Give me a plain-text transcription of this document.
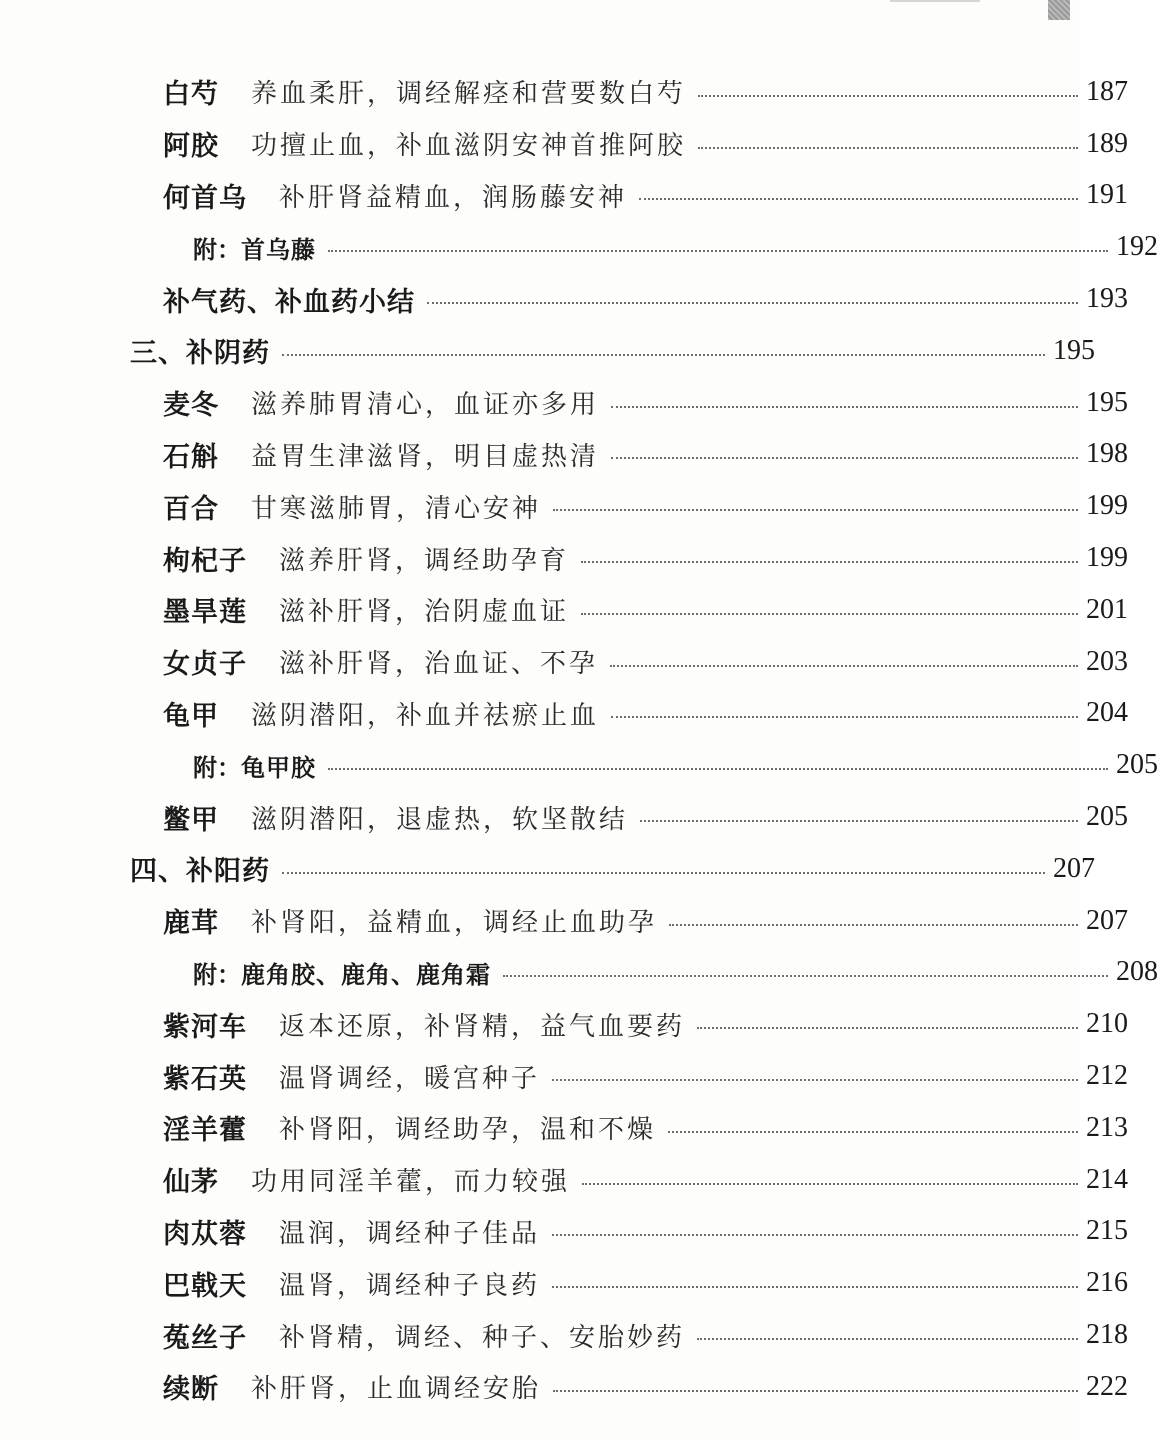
白芍 养血柔肝，调经解痉和营要数白芍	187
阿胶 功擅止血，补血滋阴安神首推阿胶	189
何首乌 补肝肾益精血，润肠藤安神	191
附： 首乌藤	192
补气药、补血药小结	193
三、补阴药	195
麦冬 滋养肺胃清心，血证亦多用	195
石斛 益胃生津滋肾，明目虚热清	198
百合 甘寒滋肺胃，清心安神	199
枸杞子 滋养肝肾，调经助孕育	199
墨旱莲 滋补肝肾，治阴虚血证	201
女贞子 滋补肝肾，治血证、不孕	203
龟甲 滋阴潜阳，补血并祛瘀止血	204
附： 龟甲胶	205
鳖甲 滋阴潜阳，退虚热，软坚散结	205
四、补阳药	207
鹿茸 补肾阳，益精血，调经止血助孕	207
附： 鹿角胶、鹿角、鹿角霜	208
紫河车 返本还原，补肾精，益气血要药	210
紫石英 温肾调经，暖宫种子	212
淫羊藿 补肾阳，调经助孕，温和不燥	213
仙茅 功用同淫羊藿，而力较强	214
肉苁蓉 温润，调经种子佳品	215
巴戟天 温肾，调经种子良药	216
菟丝子 补肾精，调经、种子、安胎妙药	218
续断 补肝肾，止血调经安胎	222
